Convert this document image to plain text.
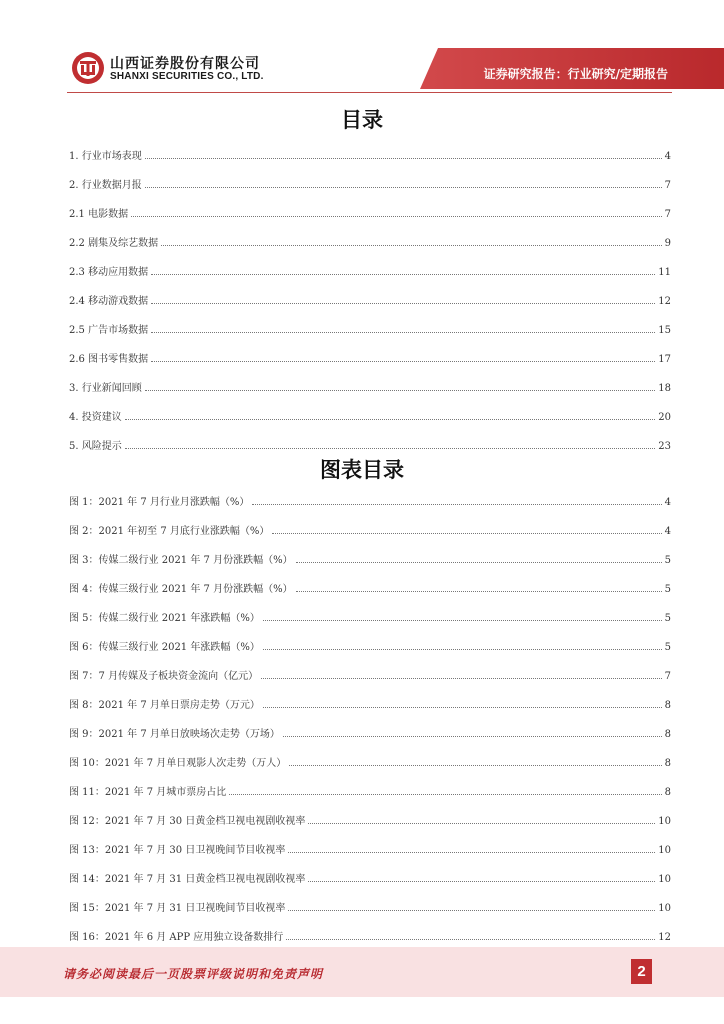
山西证券股份有限公司
SHANXI SECURITIES CO., LTD.	证券研究报告：行业研究/定期报告
目录
1. 行业市场表现	4
2. 行业数据月报	7
2.1 电影数据	7
2.2 剧集及综艺数据	9
2.3 移动应用数据	11
2.4 移动游戏数据	12
2.5 广告市场数据	15
2.6 图书零售数据	17
3. 行业新闻回顾	18
4. 投资建议	20
5. 风险提示	23
图表目录
图 1：2021 年 7 月行业月涨跌幅（%）	4
图 2：2021 年初至 7 月底行业涨跌幅（%）	4
图 3：传媒二级行业 2021 年 7 月份涨跌幅（%）	5
图 4：传媒三级行业 2021 年 7 月份涨跌幅（%）	5
图 5：传媒二级行业 2021 年涨跌幅（%）	5
图 6：传媒三级行业 2021 年涨跌幅（%）	5
图 7：7 月传媒及子板块资金流向（亿元）	7
图 8：2021 年 7 月单日票房走势（万元）	8
图 9：2021 年 7 月单日放映场次走势（万场）	8
图 10：2021 年 7 月单日观影人次走势（万人）	8
图 11：2021 年 7 月城市票房占比	8
图 12：2021 年 7 月 30 日黄金档卫视电视剧收视率	10
图 13：2021 年 7 月 30 日卫视晚间节目收视率	10
图 14：2021 年 7 月 31 日黄金档卫视电视剧收视率	10
图 15：2021 年 7 月 31 日卫视晚间节目收视率	10
图 16：2021 年 6 月 APP 应用独立设备数排行	12
请务必阅读最后一页股票评级说明和免责声明	2
